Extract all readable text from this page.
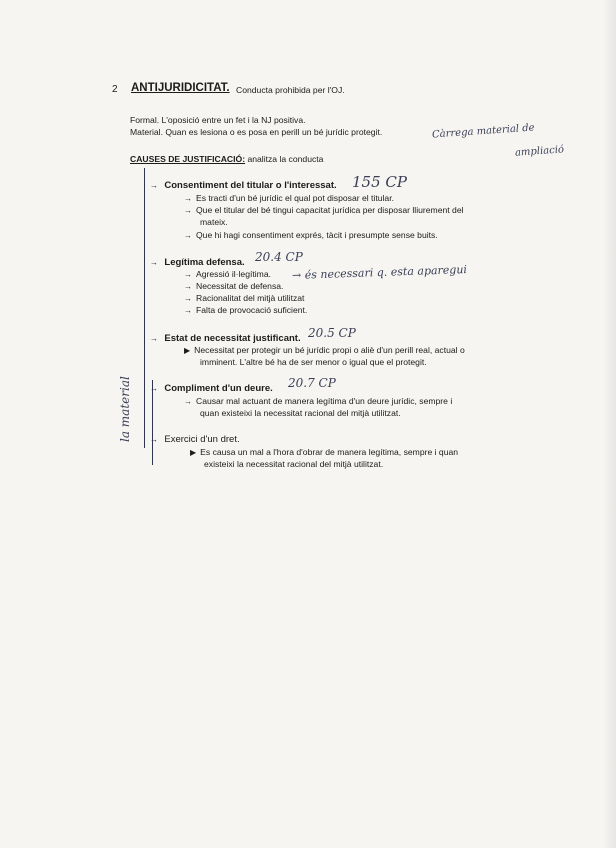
2 ANTIJURIDICITAT. Conducta prohibida per l'OJ.
Formal. L'oposició entre un fet i la NJ positiva.
Material. Quan es lesiona o es posa en perill un bé jurídic protegit.	Càrrega material de
ampliació
CAUSES DE JUSTIFICACIÓ: analitza la conducta
→ Consentiment del titular o l'interessat. 155 CP
→ Es tracti d'un bé jurídic el qual pot disposar el titular.
→ Que el titular del bé tingui capacitat jurídica per disposar lliurement del
mateix.
→ Que hi hagi consentiment exprés, tàcit i presumpte sense buits.
→ Legítima defensa. 20.4 CP
→ és necessari q. esta aparegui
→ Agressió il·legítima.
→ Necessitat de defensa.
→ Racionalitat del mitjà utilitzat
→ Falta de provocació suficient.
→ Estat de necessitat justificant. 20.5 CP
▶ Necessitat per protegir un bé jurídic propi o aliè d'un perill real, actual o
imminent. L'altre bé ha de ser menor o igual que el protegit.
la material → Compliment d'un deure. 20.7 CP
→ Causar mal actuant de manera legítima d'un deure jurídic, sempre i
quan existeixi la necessitat racional del mitjà utilitzat.
→ Exercici d'un dret.
▶ Es causa un mal a l'hora d'obrar de manera legítima, sempre i quan
existeixi la necessitat racional del mitjà utilitzat.
